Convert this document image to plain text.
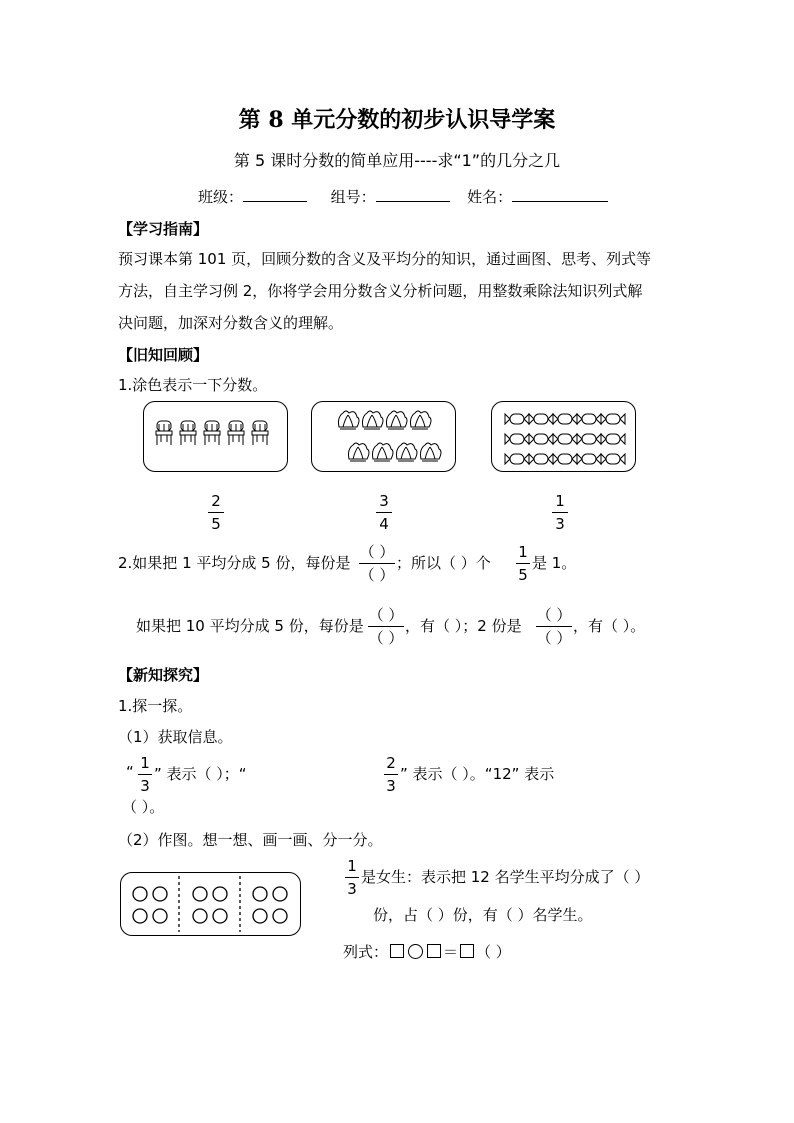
第 8 单元分数的初步认识导学案
第 5 课时分数的简单应用----求“1”的几分之几
班级：	组号：	姓名：
【学习指南】
预习课本第 101 页，回顾分数的含义及平均分的知识，通过画图、思考、列式等
方法，自主学习例 2，你将学会用分数含义分析问题，用整数乘除法知识列式解
决问题，加深对分数含义的理解。
【旧知回顾】
1.涂色表示一下分数。
2
5
3
4
1
3
2.如果把 1 平均分成 5 份，每份是
（ ）
（ ）
；所以（ ）个
1
5
是 1。
如果把 10 平均分成 5 份，每份是
（ ）
（ ）
，有（ ）；2 份是
（ ）
（ ）
，有（ ）。
【新知探究】
1.探一探。
（1）获取信息。
“ 1
3
” 表示（ ）；“
2
3
” 表示（ ）。“12” 表示
（ ）。
（2）作图。想一想、画一画、分一分。
1
3
是女生：表示把 12 名学生平均分成了（ ）
份，占（ ）份，有（ ）名学生。
列式：	＝ （ ）
